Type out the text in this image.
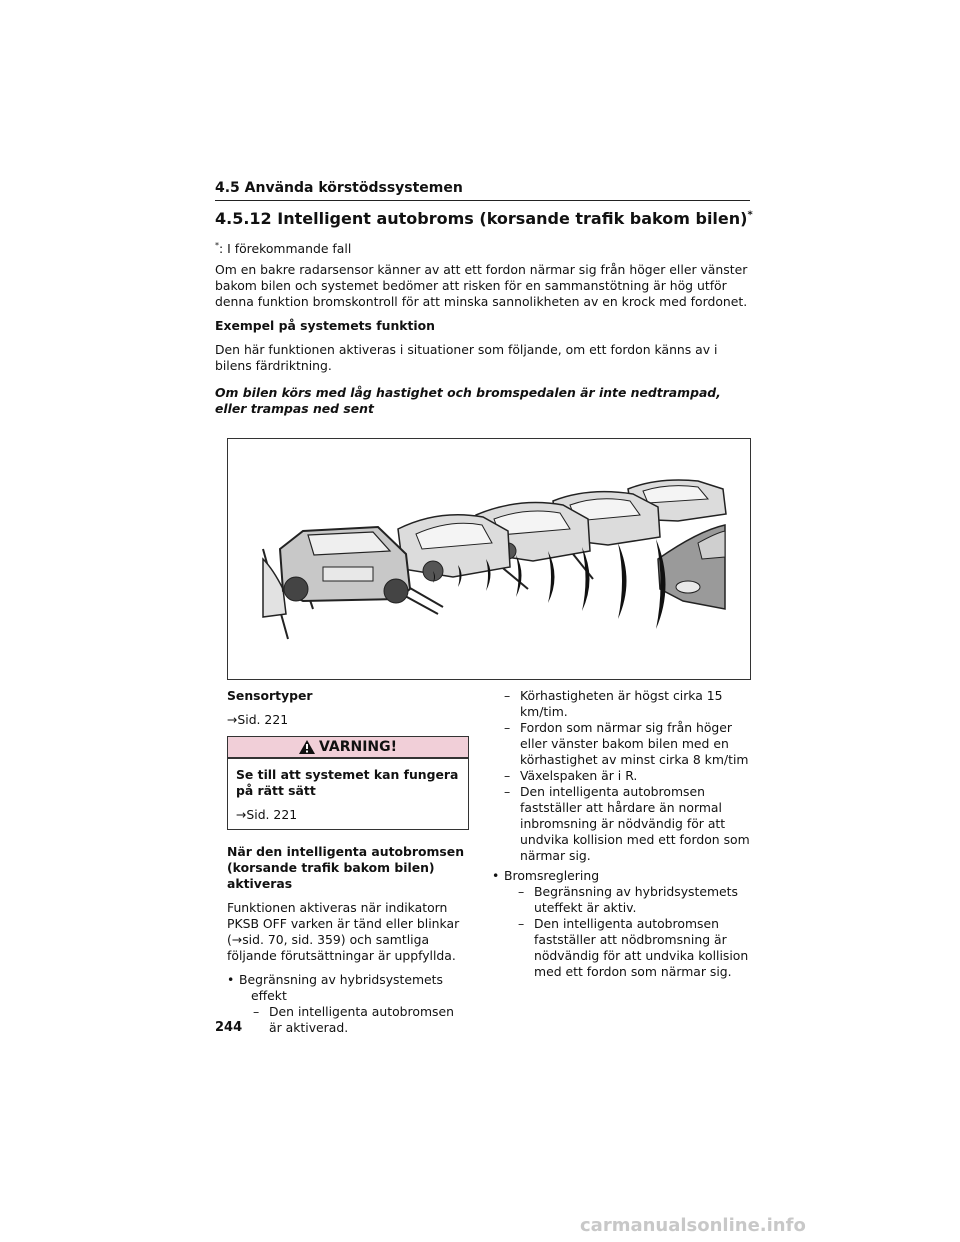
4.5 Använda körstödssystemen
4.5.12 Intelligent autobroms (korsande trafik bakom bilen)*
*: I förekommande fall
Om en bakre radarsensor känner av att ett fordon närmar sig från höger eller vänster bakom bilen och systemet bedömer att risken för en sammanstötning är hög utför denna funktion bromskontroll för att minska sannolikheten av en krock med fordonet.
Exempel på systemets funktion
Den här funktionen aktiveras i situationer som följande, om ett fordon känns av i bilens färdriktning.
Om bilen körs med låg hastighet och bromspedalen är inte nedtrampad, eller trampas ned sent
Sensortyper
→Sid. 221
VARNING!
Se till att systemet kan fungera på rätt sätt
→Sid. 221
När den intelligenta autobromsen (korsande trafik bakom bilen) aktiveras
Funktionen aktiveras när indikatorn PKSB OFF varken är tänd eller blinkar (→sid. 70, sid. 359) och samtliga följande förutsättningar är uppfyllda.
• Begränsning av hybridsystemets effekt
– Den intelligenta autobromsen är aktiverad.
– Körhastigheten är högst cirka 15 km/tim.
– Fordon som närmar sig från höger eller vänster bakom bilen med en körhastighet av minst cirka 8 km/tim
– Växelspaken är i R.
– Den intelligenta autobromsen fastställer att hårdare än normal inbromsning är nödvändig för att undvika kollision med ett fordon som närmar sig.
• Bromsreglering
– Begränsning av hybridsystemets uteffekt är aktiv.
– Den intelligenta autobromsen fastställer att nödbromsning är nödvändig för att undvika kollision med ett fordon som närmar sig.
244
carmanualsonline.info
